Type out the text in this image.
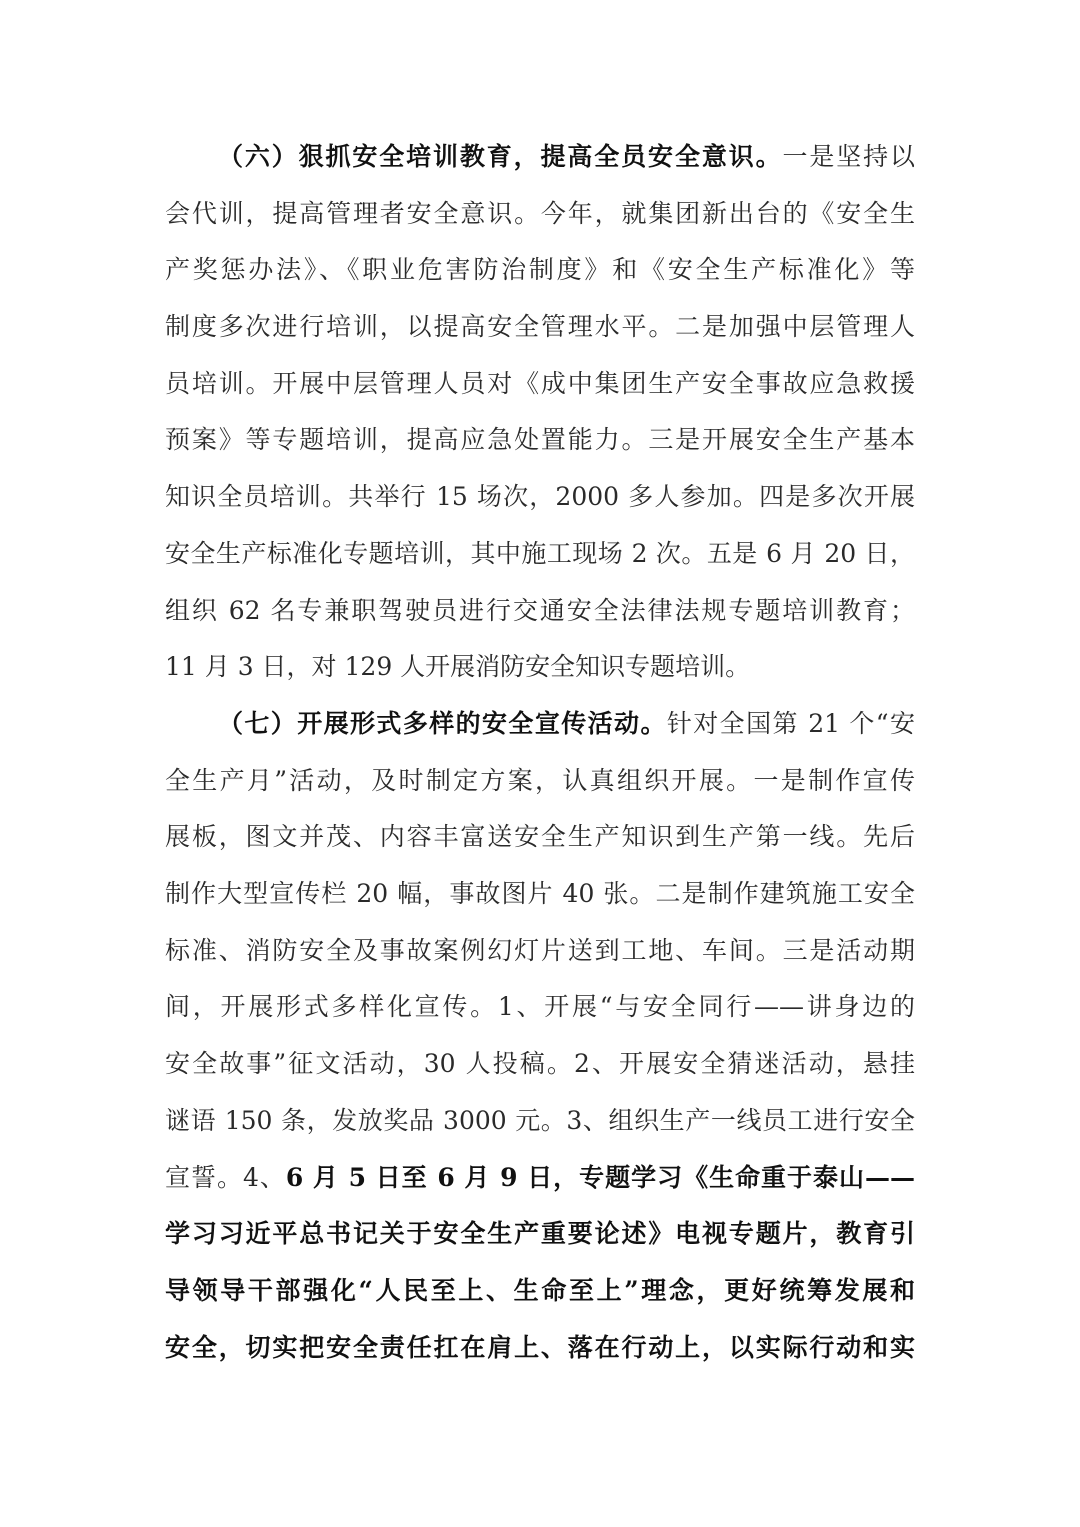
（六）狠抓安全培训教育，提高全员安全意识。一是坚持以
会代训，提高管理者安全意识。今年，就集团新出台的《安全生
产奖惩办法》、《职业危害防治制度》和《安全生产标准化》等
制度多次进行培训，以提高安全管理水平。二是加强中层管理人
员培训。开展中层管理人员对《成中集团生产安全事故应急救援
预案》等专题培训，提高应急处置能力。三是开展安全生产基本
知识全员培训。共举行 15 场次，2000 多人参加。四是多次开展
安全生产标准化专题培训，其中施工现场 2 次。五是 6 月 20 日，
组织 62 名专兼职驾驶员进行交通安全法律法规专题培训教育；
11 月 3 日，对 129 人开展消防安全知识专题培训。
（七）开展形式多样的安全宣传活动。针对全国第 21 个“安
全生产月”活动，及时制定方案，认真组织开展。一是制作宣传
展板，图文并茂、内容丰富送安全生产知识到生产第一线。先后
制作大型宣传栏 20 幅，事故图片 40 张。二是制作建筑施工安全
标准、消防安全及事故案例幻灯片送到工地、车间。三是活动期
间，开展形式多样化宣传。1、开展“与安全同行——讲身边的
安全故事”征文活动，30 人投稿。2、开展安全猜迷活动，悬挂
谜语 150 条，发放奖品 3000 元。3、组织生产一线员工进行安全
宣誓。4、6 月 5 日至 6 月 9 日，专题学习《生命重于泰山——
学习习近平总书记关于安全生产重要论述》电视专题片，教育引
导领导干部强化“人民至上、生命至上”理念，更好统筹发展和
安全，切实把安全责任扛在肩上、落在行动上，以实际行动和实
